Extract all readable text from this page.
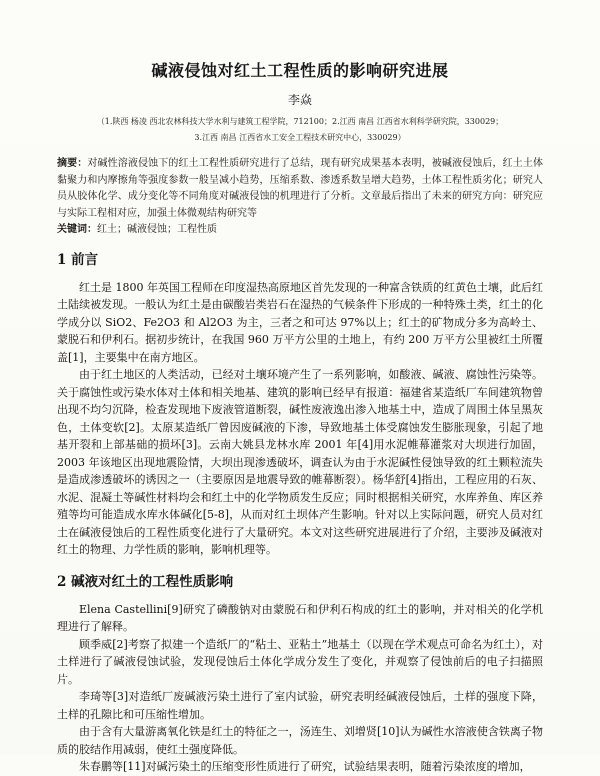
碱液侵蚀对红土工程性质的影响研究进展
李焱
（1.陕西 杨凌 西北农林科技大学水利与建筑工程学院，712100；2.江西 南昌 江西省水利科学研究院，330029；
3.江西 南昌 江西省水工安全工程技术研究中心，330029）

摘要：对碱性溶液侵蚀下的红土工程性质研究进行了总结，现有研究成果基本表明，被碱液侵蚀后，红土土体黏聚力和内摩擦角等强度参数一般呈减小趋势，压缩系数、渗透系数呈增大趋势，土体工程性质劣化；研究人员从胶体化学、成分变化等不同角度对碱液侵蚀的机理进行了分析。文章最后指出了未来的研究方向：研究应与实际工程相对应，加强土体微观结构研究等

关键词：红土；碱液侵蚀；工程性质

1 前言

红土是 1800 年英国工程师在印度湿热高原地区首先发现的一种富含铁质的红黄色土壤，此后红土陆续被发现。一般认为红土是由碳酸岩类岩石在湿热的气候条件下形成的一种特殊土类，红土的化学成分以 SiO2、Fe2O3 和 Al2O3 为主，三者之和可达 97%以上；红土的矿物成分多为高岭土、蒙脱石和伊利石。据初步统计，在我国 960 万平方公里的土地上，有约 200 万平方公里被红土所覆盖[1]，主要集中在南方地区。

由于红土地区的人类活动，已经对土壤环境产生了一系列影响，如酸液、碱液、腐蚀性污染等。关于腐蚀性或污染水体对土体和相关地基、建筑的影响已经早有报道：福建省某造纸厂车间建筑物曾出现不均匀沉降，检查发现地下废液管道断裂，碱性废液逸出渗入地基土中，造成了周围土体呈黑灰色，土体变软[2]。太原某造纸厂曾因废碱液的下渗，导致地基土体受腐蚀发生膨胀现象，引起了地基开裂和上部基础的损坏[3]。云南大姚县龙林水库 2001 年[4]用水泥帷幕灌浆对大坝进行加固，2003 年该地区出现地震险情，大坝出现渗透破坏，调查认为由于水泥碱性侵蚀导致的红土颗粒流失是造成渗透破坏的诱因之一（主要原因是地震导致的帷幕断裂）。杨华舒[4]指出，工程应用的石灰、水泥、混凝土等碱性材料均会和红土中的化学物质发生反应；同时根据相关研究，水库养鱼、库区养殖等均可能造成水库水体碱化[5-8]，从而对红土坝体产生影响。针对以上实际问题，研究人员对红土在碱液侵蚀后的工程性质变化进行了大量研究。本文对这些研究进展进行了介绍，主要涉及碱液对红土的物理、力学性质的影响，影响机理等。

2 碱液对红土的工程性质影响

Elena Castellini[9]研究了磷酸钠对由蒙脱石和伊利石构成的红土的影响，并对相关的化学机理进行了解释。

顾季威[2]考察了拟建一个造纸厂的“粘土、亚粘土”地基土（以现在学术观点可命名为红土），对土样进行了碱液侵蚀试验，发现侵蚀后土体化学成分发生了变化，并观察了侵蚀前后的电子扫描照片。

李琦等[3]对造纸厂废碱液污染土进行了室内试验，研究表明经碱液侵蚀后，土样的强度下降，土样的孔隙比和可压缩性增加。

由于含有大量游离氧化铁是红土的特征之一，汤连生、刘增贤[10]认为碱性水溶液使含铁离子物质的胶结作用减弱，使红土强度降低。

朱春鹏等[11]对碱污染土的压缩变形性质进行了研究，试验结果表明，随着污染浓度的增加，
